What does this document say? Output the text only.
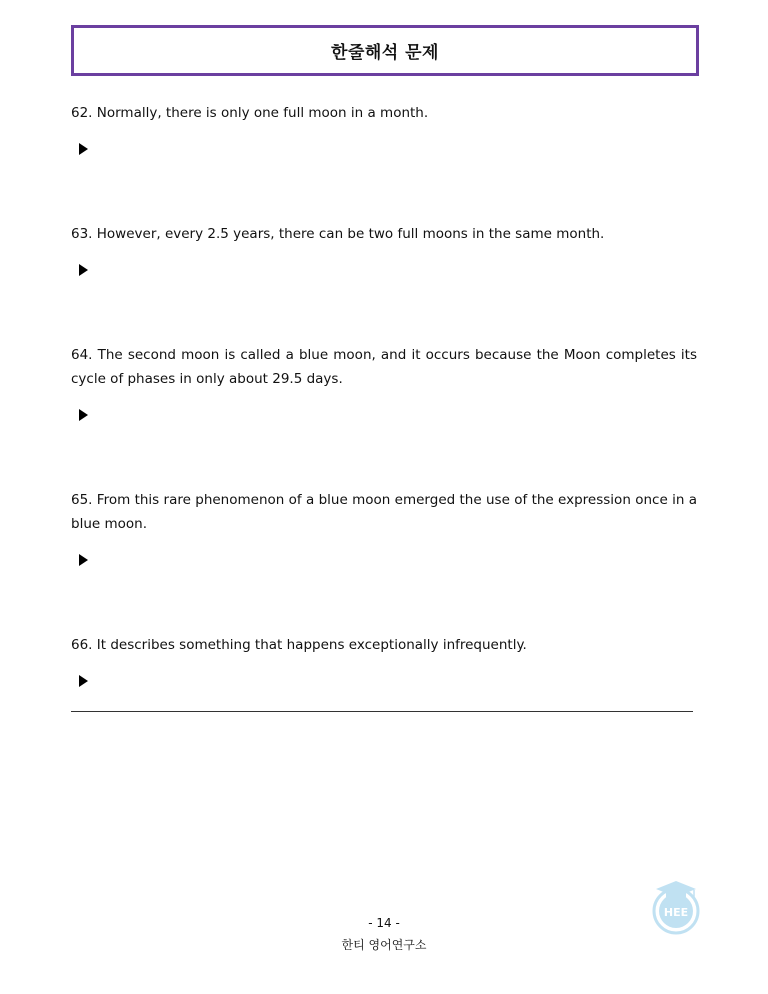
한줄해석 문제
62. Normally, there is only one full moon in a month.
63. However, every 2.5 years, there can be two full moons in the same month.
64. The second moon is called a blue moon, and it occurs because the Moon completes its cycle of phases in only about 29.5 days.
65. From this rare phenomenon of a blue moon emerged the use of the expression once in a blue moon.
66. It describes something that happens exceptionally infrequently.
- 14 -
한티 영어연구소
HEE
